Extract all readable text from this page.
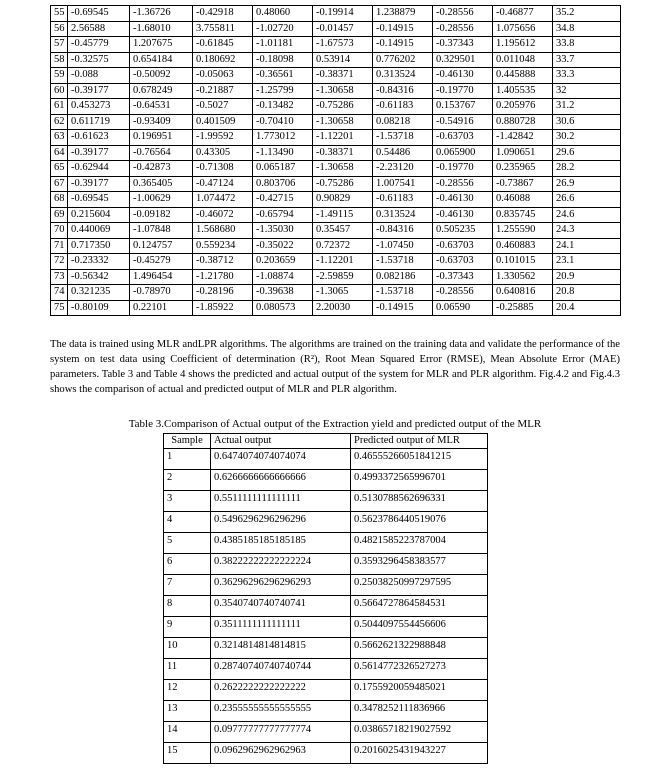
55	-0.69545	-1.36726	-0.42918	0.48060	-0.19914	1.238879	-0.28556	-0.46877	35.2
56	2.56588	-1.68010	3.755811	-1.02720	-0.01457	-0.14915	-0.28556	1.075656	34.8
57	-0.45779	1.207675	-0.61845	-1.01181	-1.67573	-0.14915	-0.37343	1.195612	33.8
58	-0.32575	0.654184	0.180692	-0.18098	0.53914	0.776202	0.329501	0.011048	33.7
59	-0.088	-0.50092	-0.05063	-0.36561	-0.38371	0.313524	-0.46130	0.445888	33.3
60	-0.39177	0.678249	-0.21887	-1.25799	-1.30658	-0.84316	-0.19770	1.405535	32
61	0.453273	-0.64531	-0.5027	-0.13482	-0.75286	-0.61183	0.153767	0.205976	31.2
62	0.611719	-0.93409	0.401509	-0.70410	-1.30658	0.08218	-0.54916	0.880728	30.6
63	-0.61623	0.196951	-1.99592	1.773012	-1.12201	-1.53718	-0.63703	-1.42842	30.2
64	-0.39177	-0.76564	0.43305	-1.13490	-0.38371	0.54486	0.065900	1.090651	29.6
65	-0.62944	-0.42873	-0.71308	0.065187	-1.30658	-2.23120	-0.19770	0.235965	28.2
67	-0.39177	0.365405	-0.47124	0.803706	-0.75286	1.007541	-0.28556	-0.73867	26.9
68	-0.69545	-1.00629	1.074472	-0.42715	0.90829	-0.61183	-0.46130	0.46088	26.6
69	0.215604	-0.09182	-0.46072	-0.65794	-1.49115	0.313524	-0.46130	0.835745	24.6
70	0.440069	-1.07848	1.568680	-1.35030	0.35457	-0.84316	0.505235	1.255590	24.3
71	0.717350	0.124757	0.559234	-0.35022	0.72372	-1.07450	-0.63703	0.460883	24.1
72	-0.23332	-0.45279	-0.38712	0.203659	-1.12201	-1.53718	-0.63703	0.101015	23.1
73	-0.56342	1.496454	-1.21780	-1.08874	-2.59859	0.082186	-0.37343	1.330562	20.9
74	0.321235	-0.78970	-0.28196	-0.39638	-1.3065	-1.53718	-0.28556	0.640816	20.8
75	-0.80109	0.22101	-1.85922	0.080573	2.20030	-0.14915	0.06590	-0.25885	20.4

The data is trained using MLR andLPR algorithms. The algorithms are trained on the training data and validate the performance of the system on test data using Coefficient of determination (R²), Root Mean Squared Error (RMSE), Mean Absolute Error (MAE) parameters. Table 3 and Table 4 shows the predicted and actual output of the system for MLR and PLR algorithm. Fig.4.2 and Fig.4.3 shows the comparison of actual and predicted output of MLR and PLR algorithm.

Table 3.Comparison of Actual output of the Extraction yield and predicted output of the MLR

Sample	Actual output	Predicted output of MLR
1	0.6474074074074074	0.46555266051841215
2	0.6266666666666666	0.4993372565996701
3	0.5511111111111111	0.5130788562696331
4	0.5496296296296296	0.5623786440519076
5	0.4385185185185185	0.4821585223787004
6	0.38222222222222224	0.3593296458383577
7	0.36296296296296293	0.25038250997297595
8	0.3540740740740741	0.5664727864584531
9	0.3511111111111111	0.5044097554456606
10	0.3214814814814815	0.5662621322988848
11	0.28740740740740744	0.5614772326527273
12	0.2622222222222222	0.1755920059485021
13	0.23555555555555555	0.3478252111836966
14	0.09777777777777774	0.03865718219027592
15	0.0962962962962963	0.2016025431943227
